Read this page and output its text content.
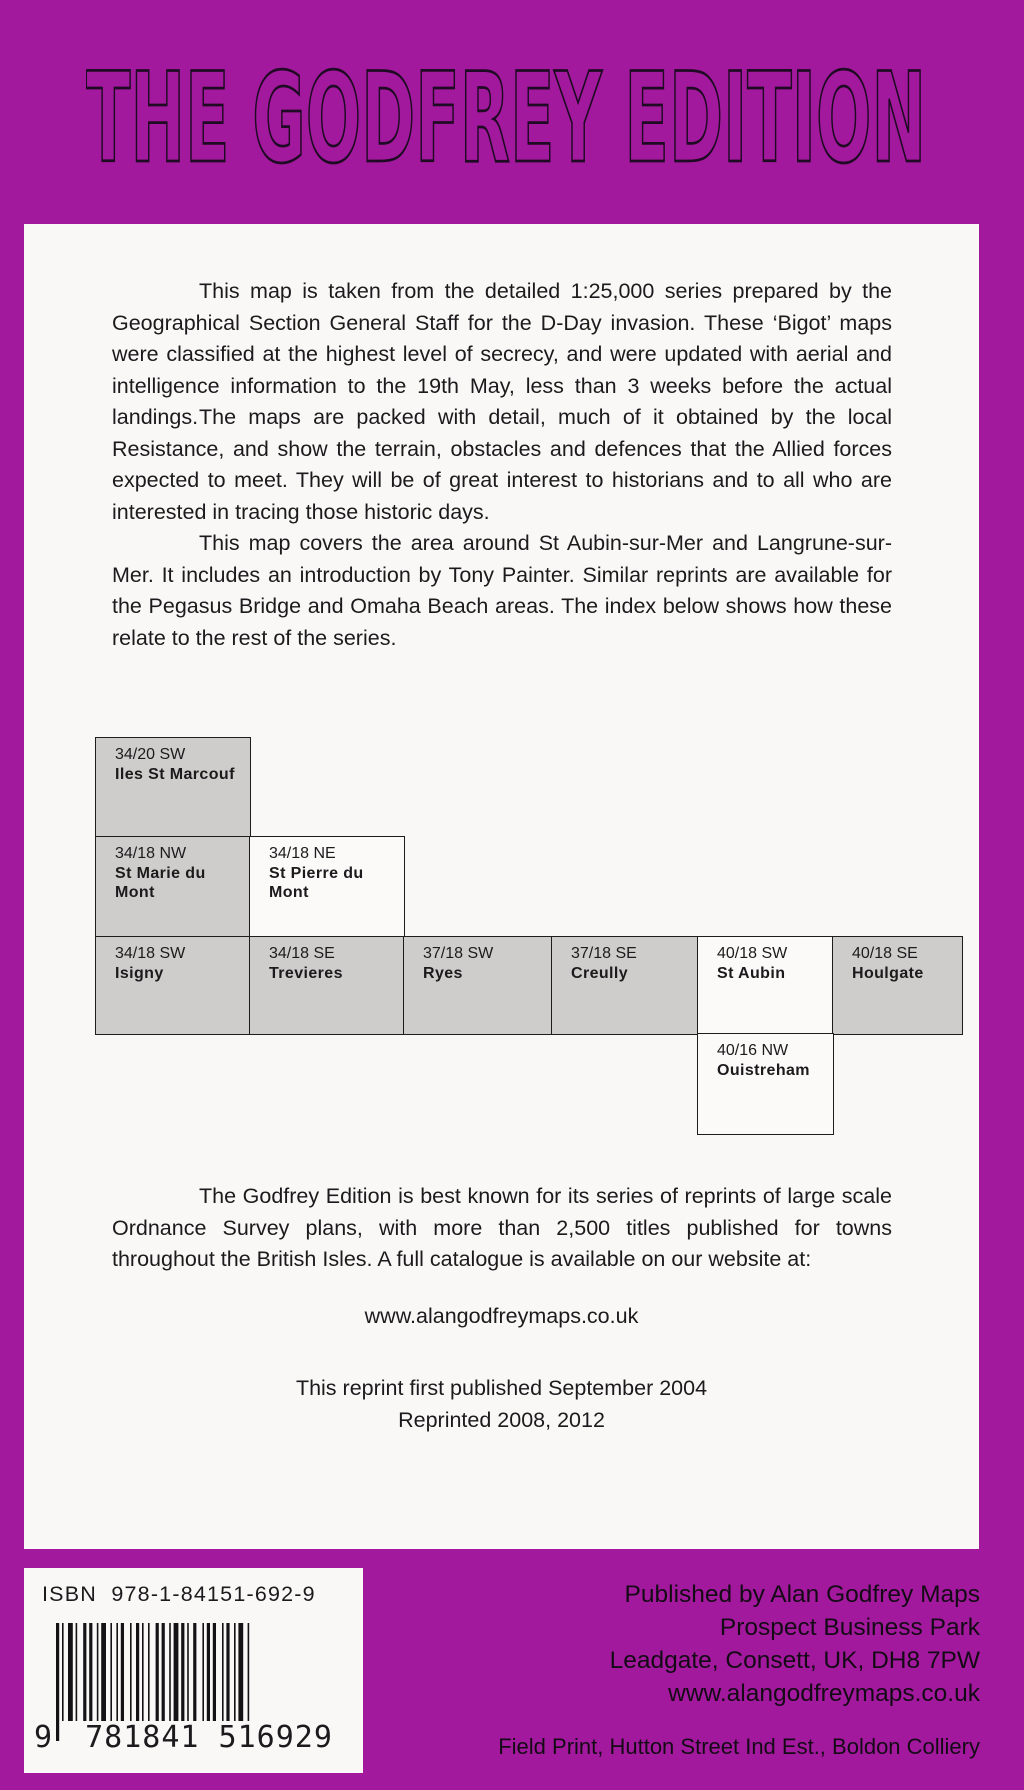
THE GODFREY EDITION

This map is taken from the detailed 1:25,000 series prepared by the Geographical Section General Staff for the D-Day invasion. These ‘Bigot’ maps were classified at the highest level of secrecy, and were updated with aerial and intelligence information to the 19th May, less than 3 weeks before the actual landings. The maps are packed with detail, much of it obtained by the local Resistance, and show the terrain, obstacles and defences that the Allied forces expected to meet. They will be of great interest to historians and to all who are interested in tracing those historic days.

This map covers the area around St Aubin-sur-Mer and Langrune-sur-Mer. It includes an introduction by Tony Painter. Similar reprints are available for the Pegasus Bridge and Omaha Beach areas. The index below shows how these relate to the rest of the series.

34/20 SW
Iles St Marcouf
34/18 NW
St Marie du Mont
34/18 NE
St Pierre du Mont
34/18 SW
Isigny
34/18 SE
Trevieres
37/18 SW
Ryes
37/18 SE
Creully
40/18 SW
St Aubin
40/18 SE
Houlgate
40/16 NW
Ouistreham

The Godfrey Edition is best known for its series of reprints of large scale Ordnance Survey plans, with more than 2,500 titles published for towns throughout the British Isles. A full catalogue is available on our website at:

www.alangodfreymaps.co.uk
This reprint first published September 2004
Reprinted 2008, 2012
ISBN 978-1-84151-692-9
9	781841 516929
Published by Alan Godfrey Maps
Prospect Business Park
Leadgate, Consett, UK, DH8 7PW
www.alangodfreymaps.co.uk
Field Print, Hutton Street Ind Est., Boldon Colliery
